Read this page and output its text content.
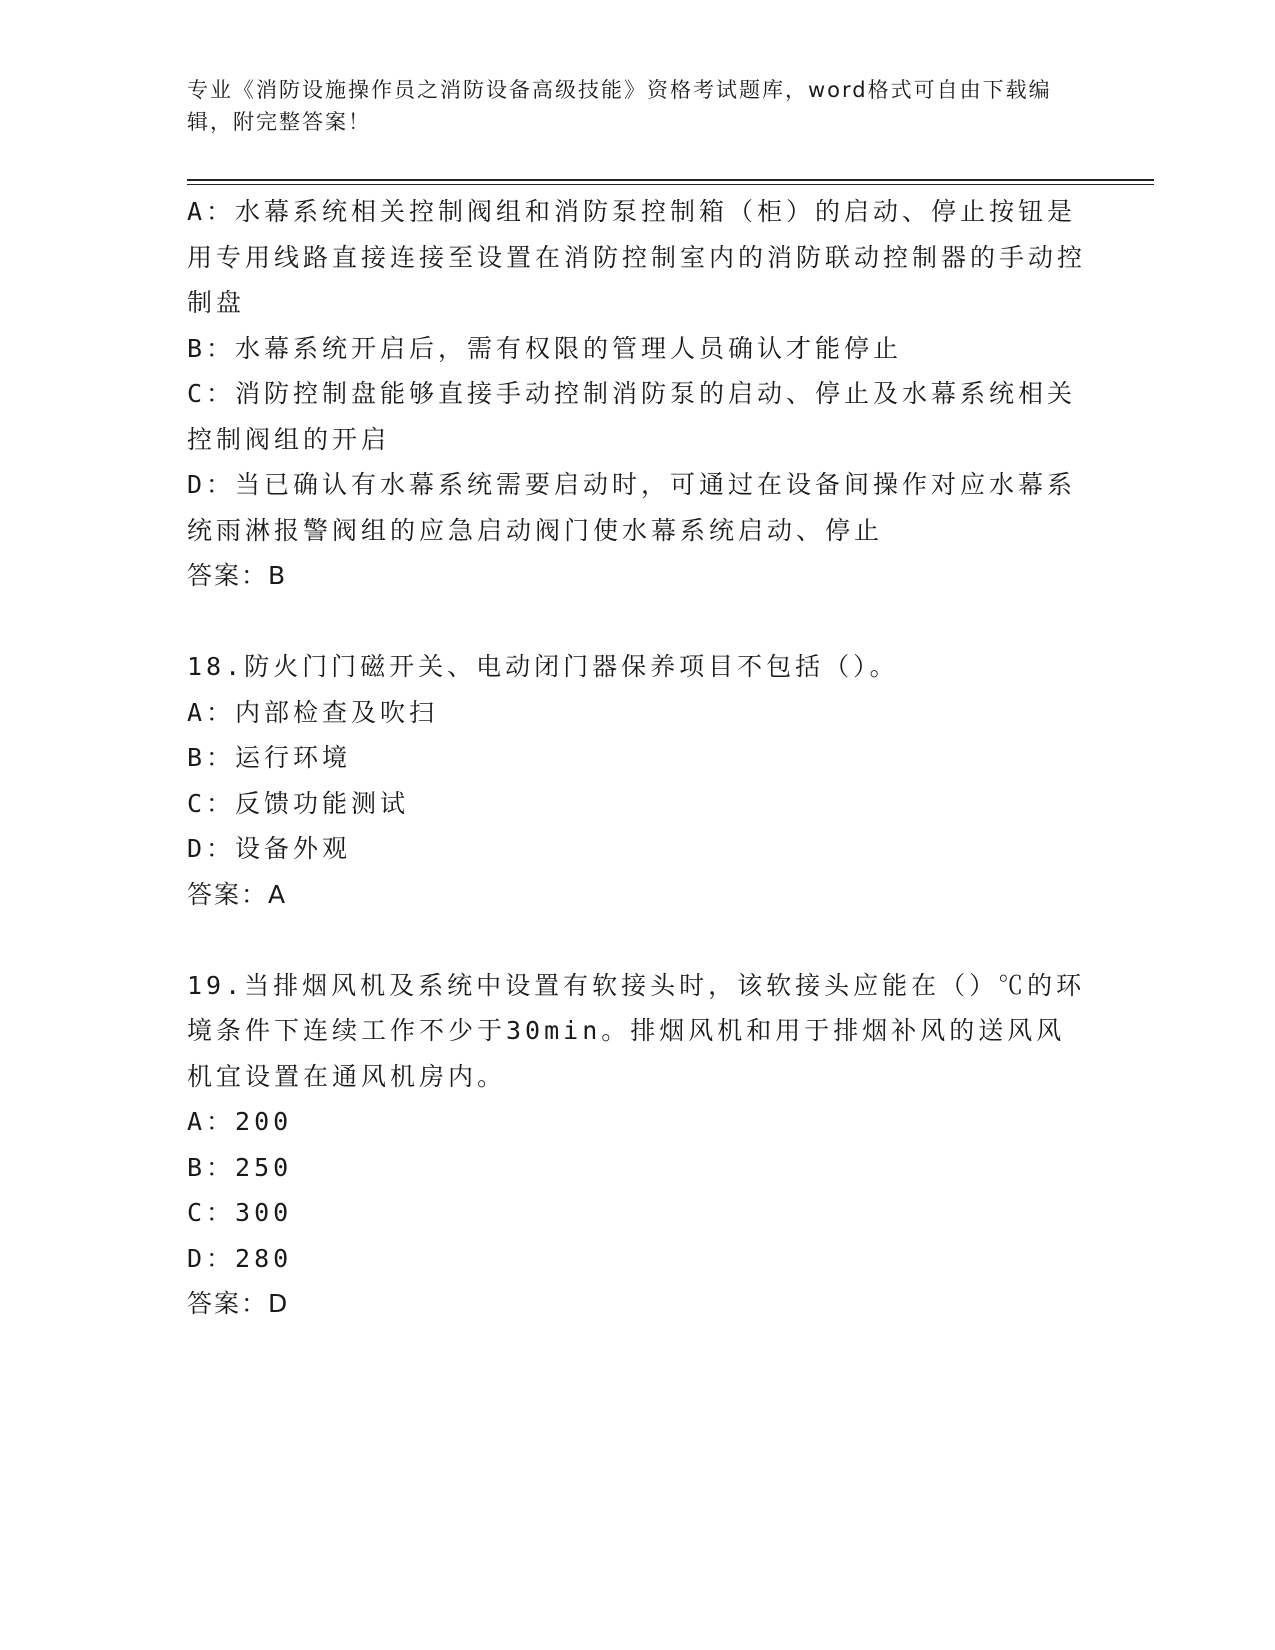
专业《消防设施操作员之消防设备高级技能》资格考试题库，word格式可自由下载编辑，附完整答案！

A：水幕系统相关控制阀组和消防泵控制箱（柜）的启动、停止按钮是用专用线路直接连接至设置在消防控制室内的消防联动控制器的手动控制盘

B：水幕系统开启后，需有权限的管理人员确认才能停止

C：消防控制盘能够直接手动控制消防泵的启动、停止及水幕系统相关控制阀组的开启

D：当已确认有水幕系统需要启动时，可通过在设备间操作对应水幕系统雨淋报警阀组的应急启动阀门使水幕系统启动、停止

答案：B

18.防火门门磁开关、电动闭门器保养项目不包括（）。

A：内部检查及吹扫

B：运行环境

C：反馈功能测试

D：设备外观

答案：A

19.当排烟风机及系统中设置有软接头时，该软接头应能在（）℃的环境条件下连续工作不少于30min。排烟风机和用于排烟补风的送风风机宜设置在通风机房内。

A：200

B：250

C：300

D：280

答案：D
